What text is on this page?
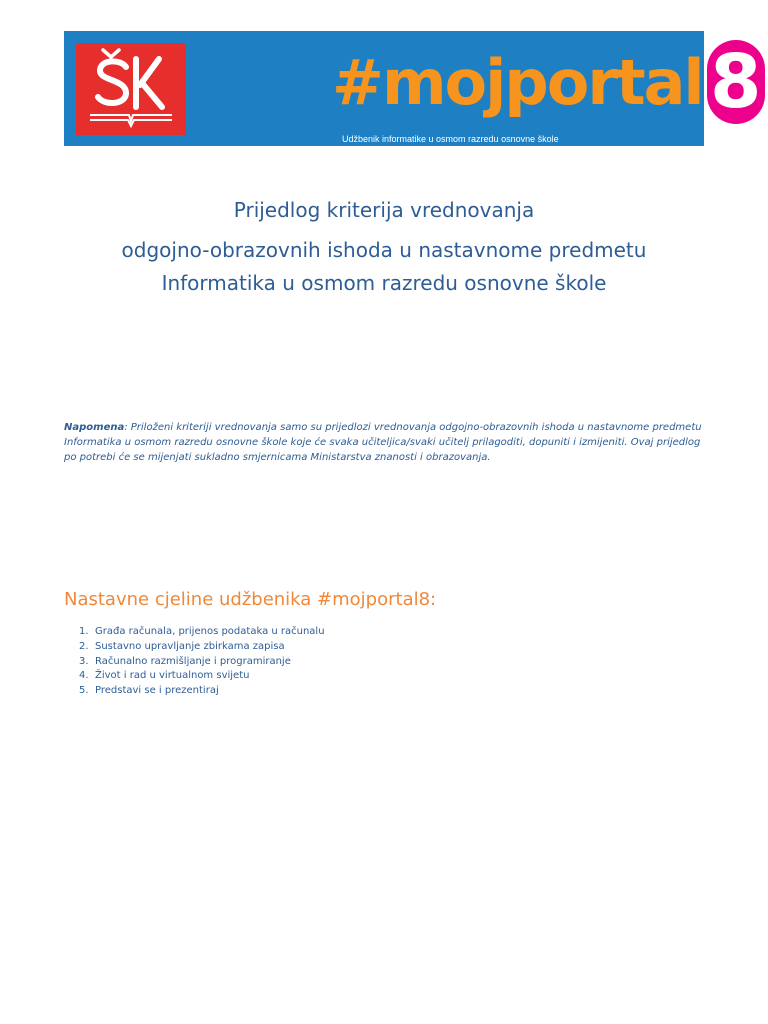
#mojportal 8
Udžbenik informatike u osmom razredu osnovne škole
Prijedlog kriterija vrednovanja
odgojno-obrazovnih ishoda u nastavnome predmetu
Informatika u osmom razredu osnovne škole
Napomena: Priloženi kriteriji vrednovanja samo su prijedlozi vrednovanja odgojno-obrazovnih ishoda u nastavnome predmetu Informatika u osmom razredu osnovne škole koje će svaka učiteljica/svaki učitelj prilagoditi, dopuniti i izmijeniti. Ovaj prijedlog po potrebi će se mijenjati sukladno smjernicama Ministarstva znanosti i obrazovanja.
Nastavne cjeline udžbenika #mojportal8:
1. Građa računala, prijenos podataka u računalu
2. Sustavno upravljanje zbirkama zapisa
3. Računalno razmišljanje i programiranje
4. Život i rad u virtualnom svijetu
5. Predstavi se i prezentiraj
